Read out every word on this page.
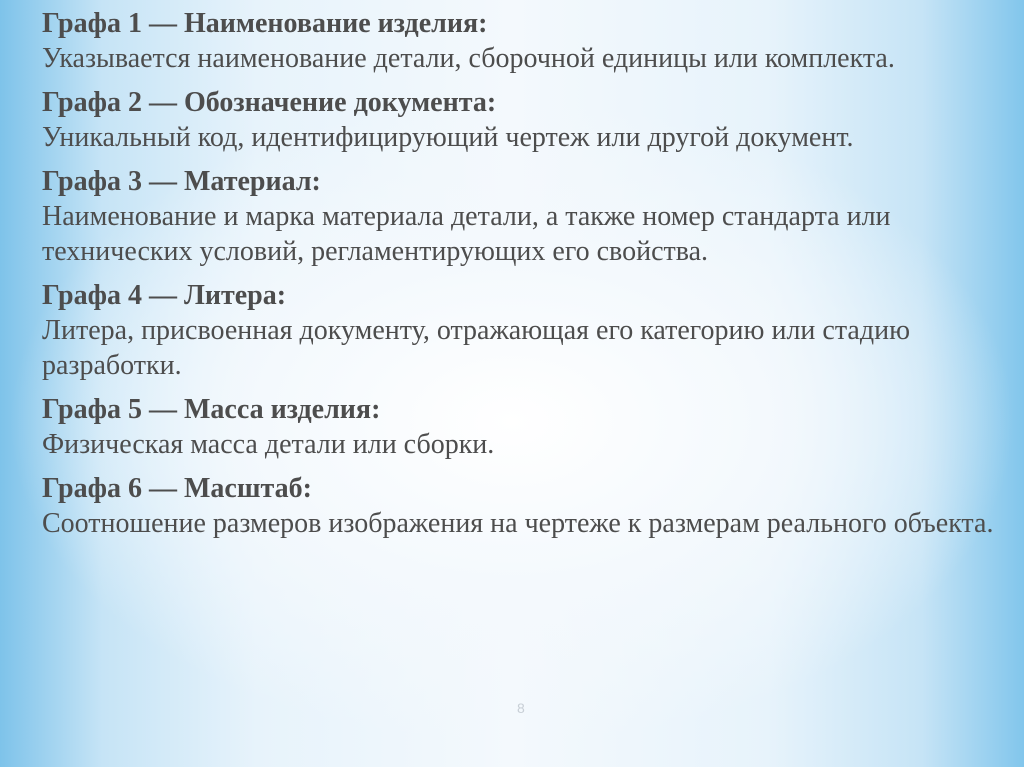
Графа 1 — Наименование изделия:
Указывается наименование детали, сборочной единицы или комплекта.
Графа 2 — Обозначение документа:
Уникальный код, идентифицирующий чертеж или другой документ.
Графа 3 — Материал:
Наименование и марка материала детали, а также номер стандарта или технических условий, регламентирующих его свойства.
Графа 4 — Литера:
Литера, присвоенная документу, отражающая его категорию или стадию разработки.
Графа 5 — Масса изделия:
Физическая масса детали или сборки.
Графа 6 — Масштаб:
Соотношение размеров изображения на чертеже к размерам реального объекта.
8
